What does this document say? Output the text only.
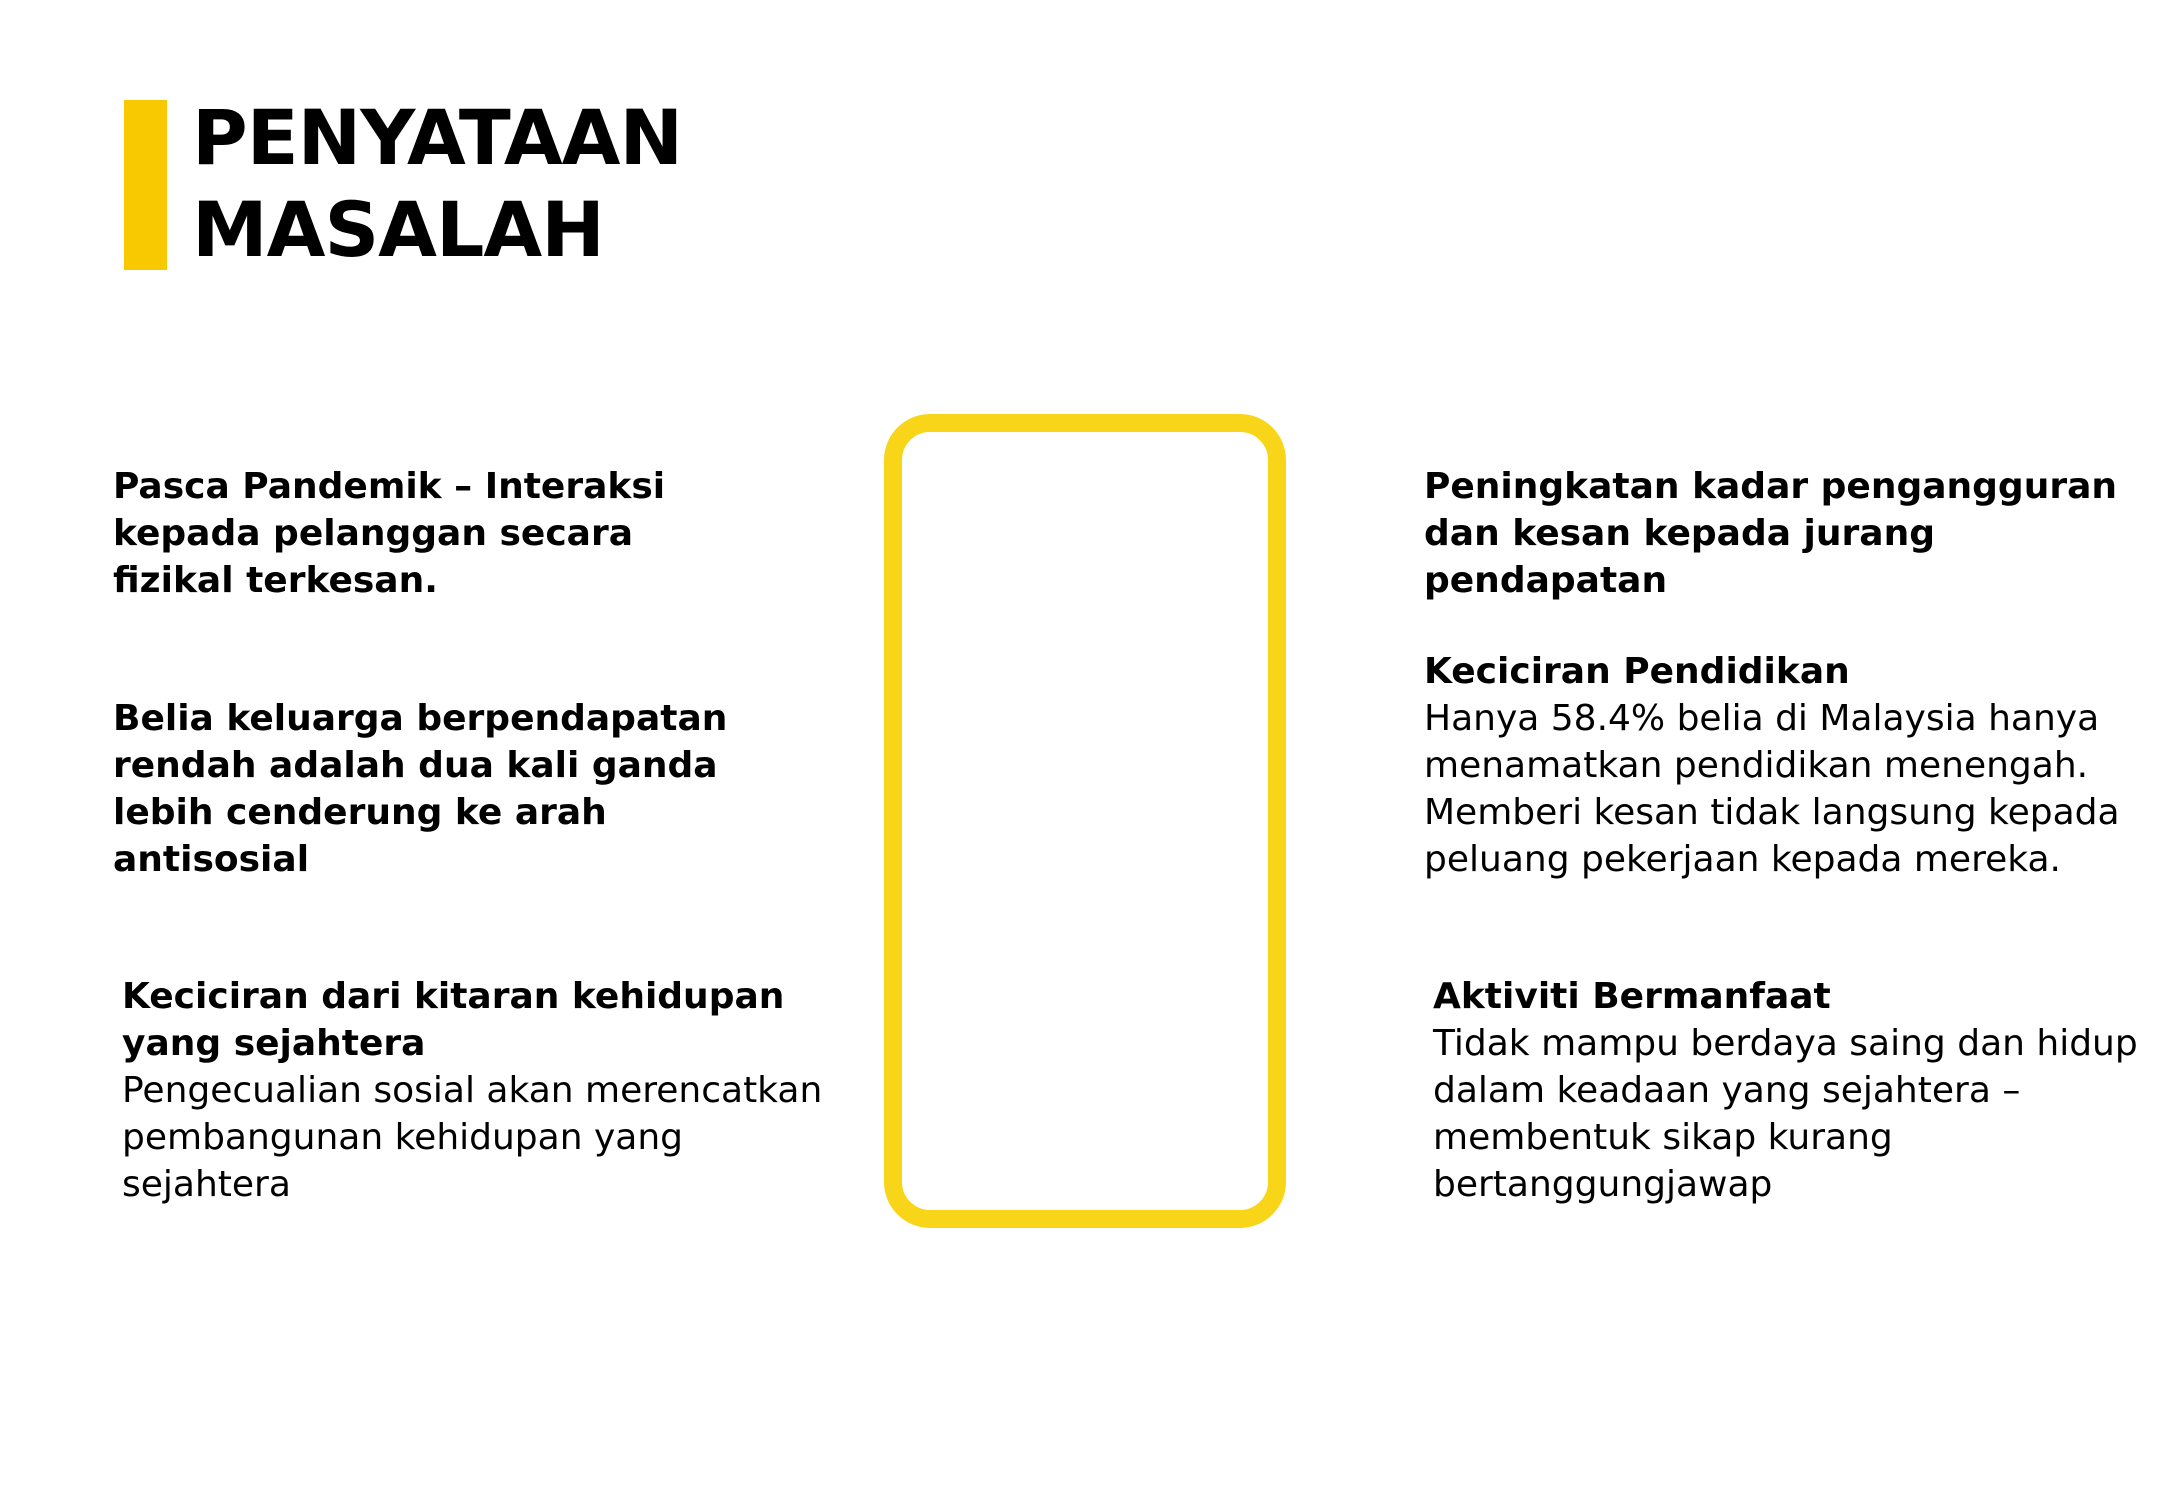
PENYATAAN
MASALAH
Pasca Pandemik – Interaksi
kepada pelanggan secara
fizikal terkesan.
Belia keluarga berpendapatan
rendah adalah dua kali ganda
lebih cenderung ke arah
antisosial
Keciciran dari kitaran kehidupan
yang sejahtera
Pengecualian sosial akan merencatkan
pembangunan kehidupan yang
sejahtera
Peningkatan kadar pengangguran
dan kesan kepada jurang
pendapatan
Keciciran Pendidikan
Hanya 58.4% belia di Malaysia hanya
menamatkan pendidikan menengah.
Memberi kesan tidak langsung kepada
peluang pekerjaan kepada mereka.
Aktiviti Bermanfaat
Tidak mampu berdaya saing dan hidup
dalam keadaan yang sejahtera –
membentuk sikap kurang
bertanggungjawap
